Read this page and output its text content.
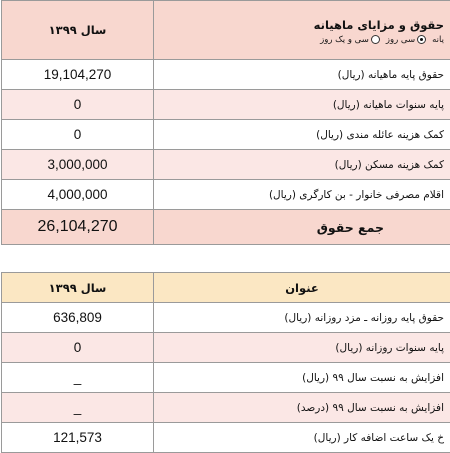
سال ۱۳۹۹	حقوق و مزایای ماهیانه
سی و یک روز سی روز یانه

19,104,270	حقوق پایه ماهیانه (ریال)
0	پایه سنوات ماهیانه (ریال)
0	کمک هزینه عائله مندی (ریال)
3,000,000	کمک هزینه مسکن (ریال)
4,000,000	اقلام مصرفی خانوار - بن کارگری (ریال)
26,104,270	جمع حقوق
سال ۱۳۹۹	عنوان
636,809	حقوق پایه روزانه ـ مزد روزانه (ریال)
0	پایه سنوات روزانه (ریال)
_	افزایش به نسبت سال ۹۹ (ریال)
_	افزایش به نسبت سال ۹۹ (درصد)
121,573	خ یک ساعت اضافه کار (ریال)
